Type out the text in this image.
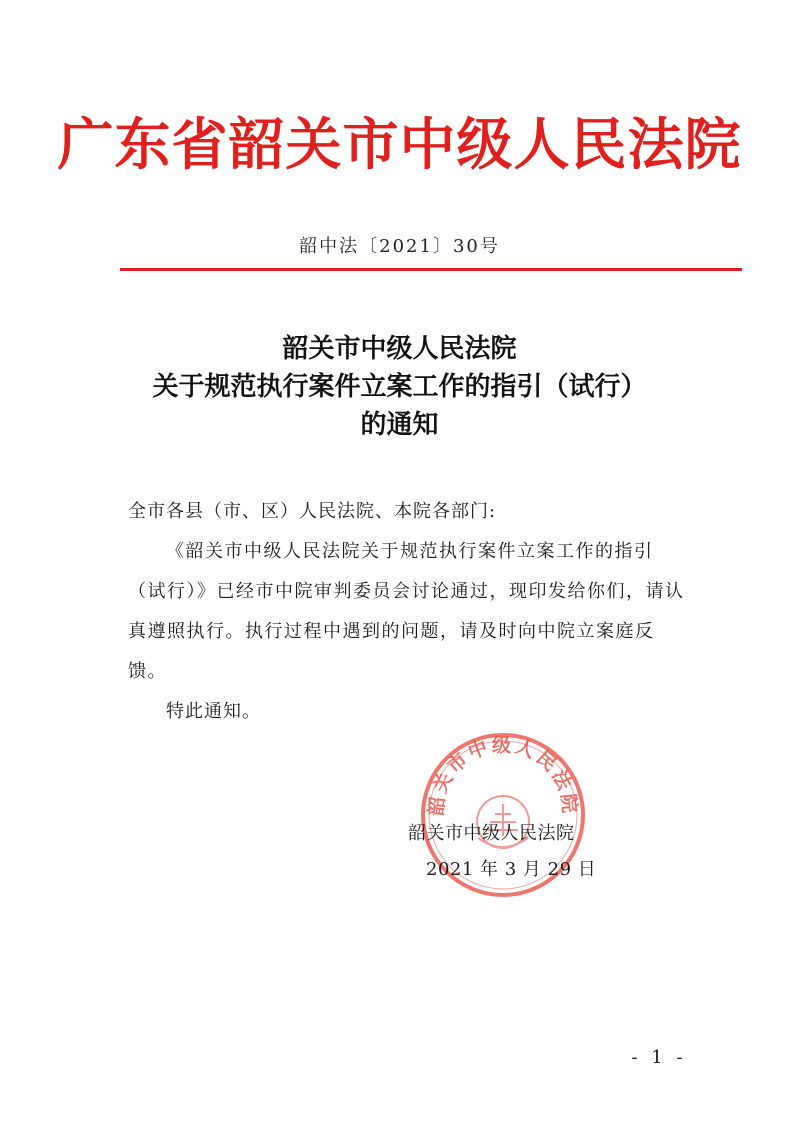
广东省韶关市中级人民法院
韶中法〔2021〕30号
韶关市中级人民法院
关于规范执行案件立案工作的指引（试行）
的通知
全市各县（市、区）人民法院、本院各部门:
《韶关市中级人民法院关于规范执行案件立案工作的指引（试行）》已经市中院审判委员会讨论通过，现印发给你们，请认真遵照执行。执行过程中遇到的问题，请及时向中院立案庭反馈。
特此通知。
韶关市中级人民法院
韶关市中级人民法院
2021 年 3 月 29 日
- 1 -
